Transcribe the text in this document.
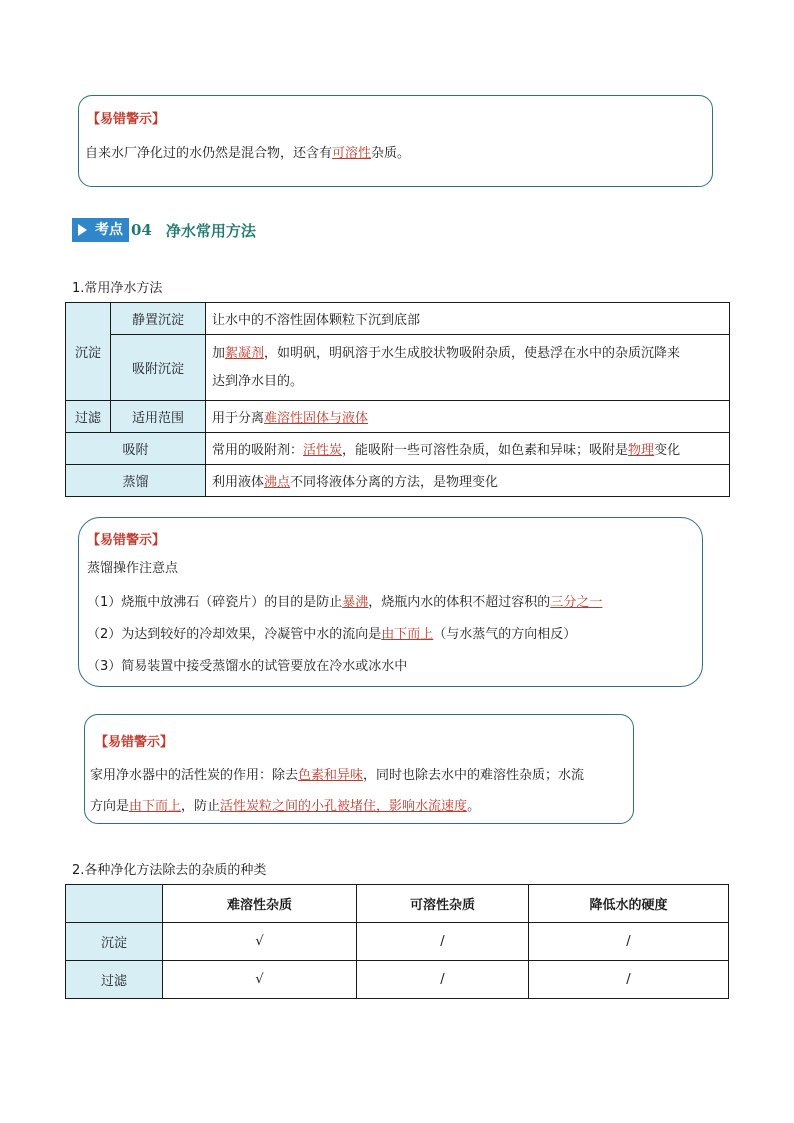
【易错警示】
自来水厂净化过的水仍然是混合物，还含有可溶性杂质。
考点 04 净水常用方法
1.常用净水方法
沉淀	静置沉淀	让水中的不溶性固体颗粒下沉到底部
	吸附沉淀	加絮凝剂，如明矾，明矾溶于水生成胶状物吸附杂质，使悬浮在水中的杂质沉降来
达到净水目的。
过滤	适用范围	用于分离难溶性固体与液体
吸附		常用的吸附剂：活性炭，能吸附一些可溶性杂质，如色素和异味；吸附是物理变化
蒸馏		利用液体沸点不同将液体分离的方法，是物理变化
【易错警示】
蒸馏操作注意点
（1）烧瓶中放沸石（碎瓷片）的目的是防止暴沸，烧瓶内水的体积不超过容积的三分之一
（2）为达到较好的冷却效果，冷凝管中水的流向是由下而上（与水蒸气的方向相反）
（3）简易装置中接受蒸馏水的试管要放在冷水或冰水中
【易错警示】
家用净水器中的活性炭的作用：除去色素和异味，同时也除去水中的难溶性杂质；水流
方向是由下而上，防止活性炭粒之间的小孔被堵住，影响水流速度。
2.各种净化方法除去的杂质的种类
	难溶性杂质	可溶性杂质	降低水的硬度
沉淀	√	/	/
过滤	√	/	/
